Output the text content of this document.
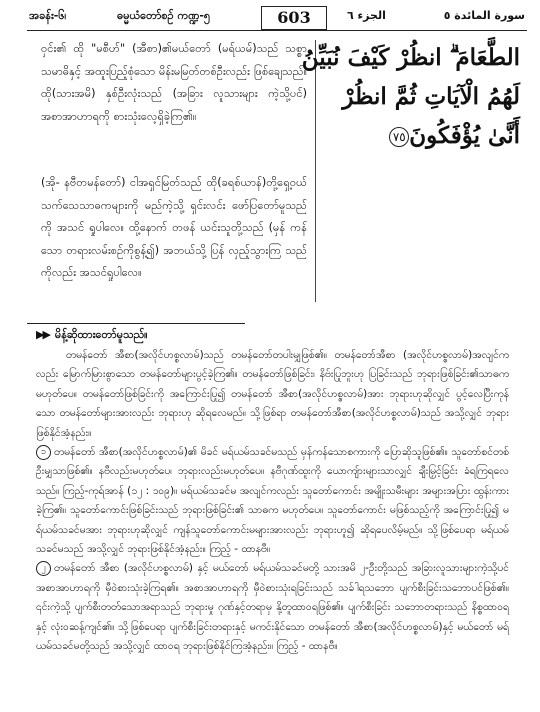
အခန်း-၆၊	ဓမ္မယံတော်စဉ် ကဏ္ဍ-၅	603	الجزء ٦	سورة المائدة ٥

ဝှင်း၏ ထို "မစီဟ်" (အီစာ)၏မယ်တော် (မရ်ယမ်)သည် သစ္စာသမာဓိနှင့် အထူးပြည့်စုံသော မိန်းမမြတ်တစ်ဦးလည်း ဖြစ်ချေသည်။ ထို(သားအမိ) နှစ်ဦးလုံးသည် (အခြား လူသားများ ကဲ့သို့ပင်) အစာအာဟာရကို စားသုံးလေ့ရှိခဲ့ကြ၏။

(အို- နဗီတမန်တော်) ငါအရှင်မြတ်သည် ထို(ခရစ်ယာန်)တို့ရှေ့ဝယ် သက်သေသာဓကများကို မည်ကဲ့သို့ ရှင်းလင်း ဖော်ပြတော်မူသည်ကို အသင် ရှုပါလေ။ ထို့နောက် တဖန် ယင်းသူတို့သည် (မှန် ကန်သော တရားလမ်းစဉ်ကိုစွန့်၍) အဘယ်သို့ ပြန် လှည့်သွားကြ သည်ကိုလည်း အသင်ရှုပါလေ။

الطَّعَامَ ۗ انظُرْ كَيْفَ نُبَيِّنُ
لَهُمُ الْآيَاتِ ثُمَّ انظُرْ
أَنَّىٰ يُؤْفَكُونَ٧٥
▶▶ မိန့်ဆိုထားတော်မူသည်။

တမန်တော် အီစာ(အလိုင်ဟစ္စလာမ်)သည် တမန်တော်တပါးမျှဖြစ်၏။ တမန်တော်အီစာ (အလိုင်ဟစ္စလာမ်)အလျင်ကလည်း မြောက်မြားစွာသော တမန်တော်များပွင့်ခဲ့ကြ၏။ တမန်တော်ဖြစ်ခြင်း၊ နိဗ်းပြုဘူးဟု ပြခြင်းသည် ဘုရားဖြစ်ခြင်း၏သာဓကမဟုတ်ပေ။ တမန်တော်ဖြစ်ခြင်းကို အကြောင်းပြု၍ တမန်တော် အီစာ(အလိုင်ဟစ္စလာမ်)အား ဘုရားဟုဆိုလျှင် ပွင့်လေပြီးကုန်သော တမန်တော်များအားလည်း ဘုရားဟု ဆိုရလေမည်။ သို့ဖြစ်ရာ တမန်တော်အီစာ(အလိုင်ဟစ္စလာမ်)သည် အသို့လျှင် ဘုရားဖြစ်နိုင်အံ့နည်း။

၁ တမန်တော် အီစာ(အလိုင်ဟစ္စလာမ်)၏ မိခင် မရ်ယမ်သခင်မသည် မှန်ကန်သောစကားကို ပြောဆိုသူဖြစ်၏။ သူတော်စင်တစ်ဦးမျှသာဖြစ်၏။ နဗီလည်းမဟုတ်ပေ၊ ဘုရားလည်းမဟုတ်ပေ။ နဗီဂုဏ်ထူးကို ယောကျ်ားများသာလျှင် ချီးမြှင့်ခြင်း ခံရကြရလေသည်။ ကြည့်-ကုရ်အာန် (၁၂ : ၁၀၉)။ မရ်ယမ်သခင်မ အလျင်ကလည်း သူတော်ကောင်း အမျိုးသမီးများ အများအပြား ထွန်းကားခဲ့ကြ၏။ သူတော်ကောင်းဖြစ်ခြင်းသည် ဘုရားဖြစ်ခြင်း၏ သာဓက မဟုတ်ပေ။ သူတော်ကောင်း မဖြစ်သည့်ကို အကြောင်းပြု၍ မရ်ယမ်သခင်မအား ဘုရားဟုဆိုလျှင် ကျန်သူတော်ကောင်းမများအားလည်း ဘုရားဟူ၍ ဆိုရပေလိမ့်မည်။ သို့ဖြစ်ပေရာ မရ်ယမ်သခင်မသည် အသို့လျှင် ဘုရားဖြစ်နိုင်အံ့နည်း။ ကြည့် - ထာနဗီ။

၂ တမန်တော် အီစာ (အလိုင်ဟစ္စလာမ်) နှင့် မယ်တော် မရ်ယမ်သခင်မတို့ သားအမိ ၂-ဦးတို့သည် အခြားလူသားများကဲ့သို့ပင် အစာအာဟာရကို မှီဝဲစားသုံးခဲ့ကြရ၏။ အစာအာဟာရကို မှီဝဲစားသုံးရခြင်းသည် သခ်ါရသဘော ပျက်စီးခြင်းသဘောပင်ဖြစ်၏။ ၎င်းကဲ့သို့ ပျက်စီးတတ်သောအရာသည် ဘုရားမှု ဂုဏ်နှင့်တရာမှ နို့တူထာဝရဖြစ်၏။ ပျက်စီးခြင်း သဘောတရားသည် နိစ္စထာဝရနှင့် လုံးဝဆန့်ကျင်၏။ သို့ဖြစ်ပေရာ ပျက်စီးခြင်းတရားနှင့် မကင်းနိုင်သော တမန်တော် အီစာ(အလိုင်ဟစ္စလာမ်)နှင့် မယ်တော် မရ်ယမ်သခင်မတို့သည် အသို့လျှင် ထာဝရ ဘုရားဖြစ်နိုင်ကြအံ့နည်း။ ကြည့် - ထာနဗီ။
